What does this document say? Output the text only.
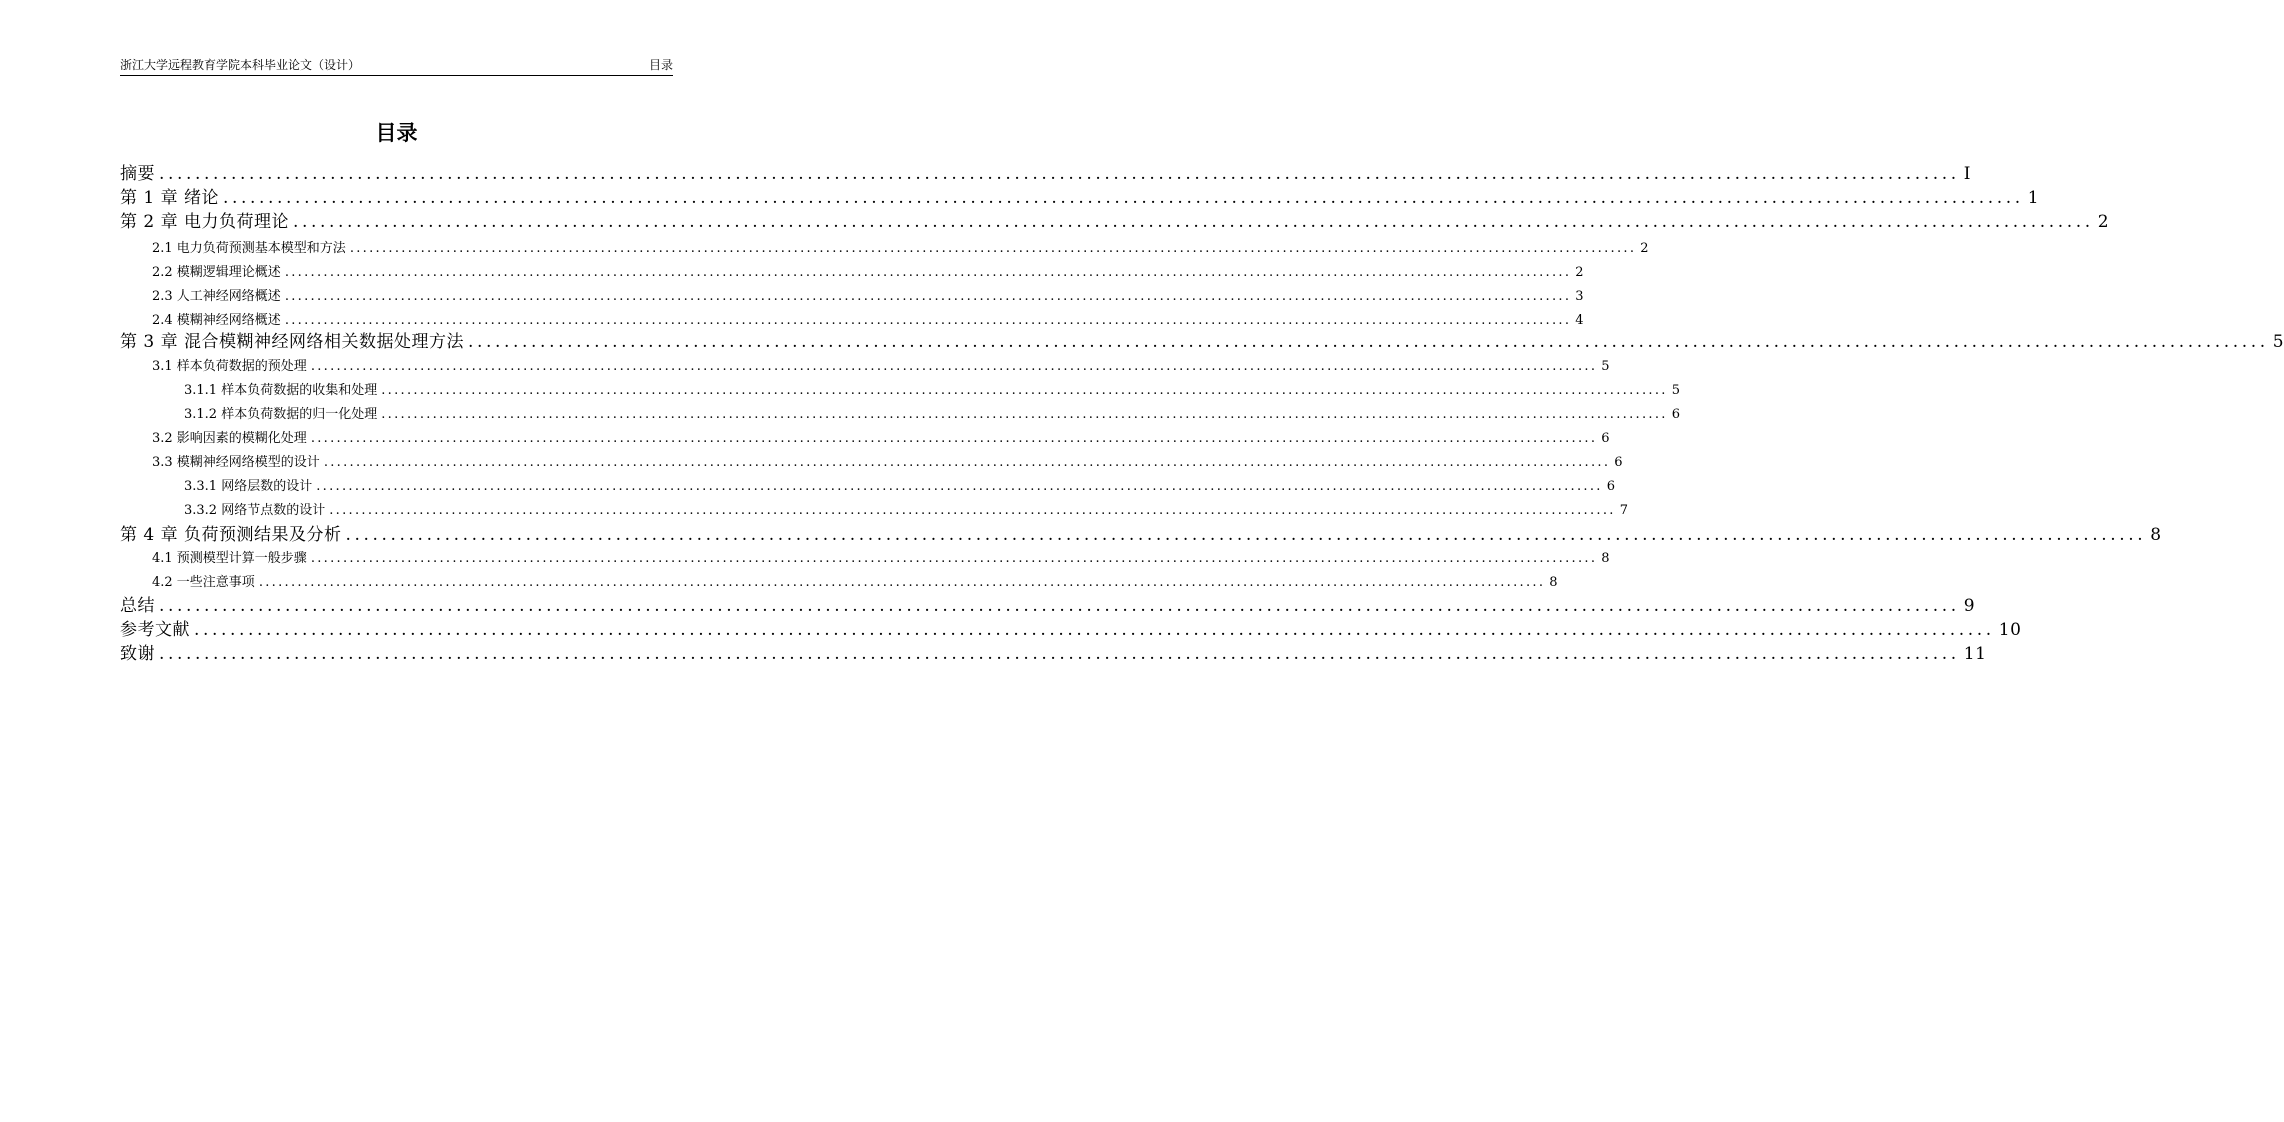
浙江大学远程教育学院本科毕业论文（设计）	目录
目录
摘要 ........................................................................................................................................................................................................ I
第 1 章 绪论 ........................................................................................................................................................................................................ 1
第 2 章 电力负荷理论 ........................................................................................................................................................................................................ 2
2.1 电力负荷预测基本模型和方法 ........................................................................................................................................................................................................ 2
2.2 模糊逻辑理论概述 ........................................................................................................................................................................................................ 2
2.3 人工神经网络概述 ........................................................................................................................................................................................................ 3
2.4 模糊神经网络概述 ........................................................................................................................................................................................................ 4
第 3 章 混合模糊神经网络相关数据处理方法 ........................................................................................................................................................................................................ 5
3.1 样本负荷数据的预处理 ........................................................................................................................................................................................................ 5
3.1.1 样本负荷数据的收集和处理 ........................................................................................................................................................................................................ 5
3.1.2 样本负荷数据的归一化处理 ........................................................................................................................................................................................................ 6
3.2 影响因素的模糊化处理 ........................................................................................................................................................................................................ 6
3.3 模糊神经网络模型的设计 ........................................................................................................................................................................................................ 6
3.3.1 网络层数的设计 ........................................................................................................................................................................................................ 6
3.3.2 网络节点数的设计 ........................................................................................................................................................................................................ 7
第 4 章 负荷预测结果及分析 ........................................................................................................................................................................................................ 8
4.1 预测模型计算一般步骤 ........................................................................................................................................................................................................ 8
4.2 一些注意事项 ........................................................................................................................................................................................................ 8
总结 ........................................................................................................................................................................................................ 9
参考文献 ........................................................................................................................................................................................................ 10
致谢 ........................................................................................................................................................................................................ 11
